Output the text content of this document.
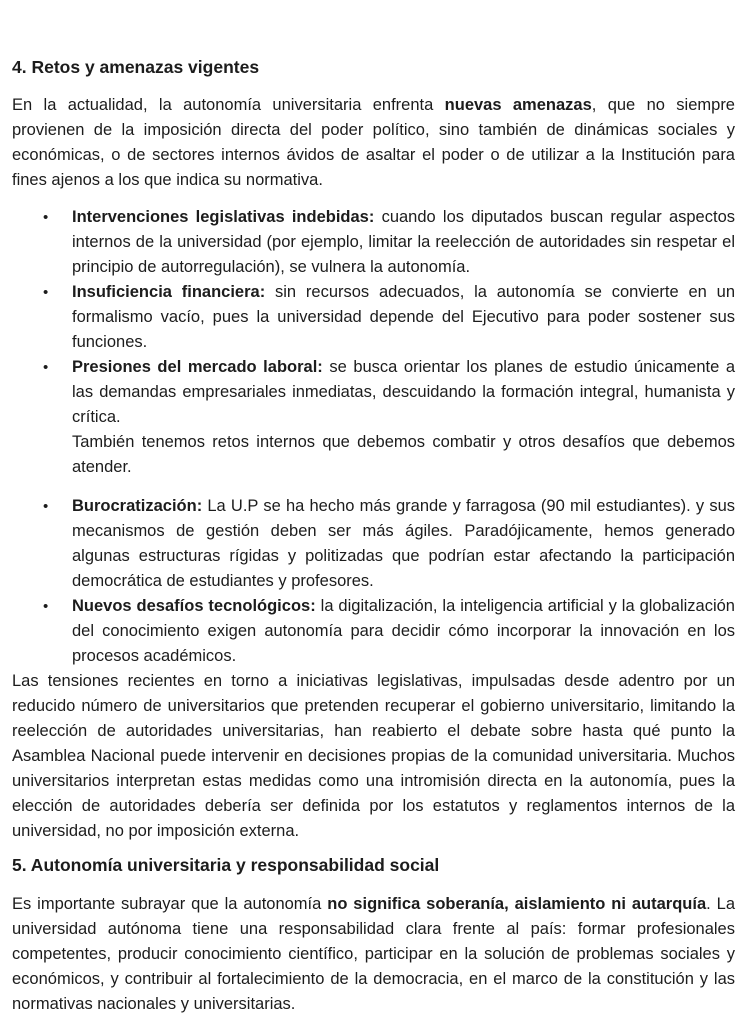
4. Retos y amenazas vigentes

En la actualidad, la autonomía universitaria enfrenta nuevas amenazas, que no siempre provienen de la imposición directa del poder político, sino también de dinámicas sociales y económicas, o de sectores internos ávidos de asaltar el poder o de utilizar a la Institución para fines ajenos a los que indica su normativa.

• Intervenciones legislativas indebidas: cuando los diputados buscan regular aspectos internos de la universidad (por ejemplo, limitar la reelección de autoridades sin respetar el principio de autorregulación), se vulnera la autonomía.
• Insuficiencia financiera: sin recursos adecuados, la autonomía se convierte en un formalismo vacío, pues la universidad depende del Ejecutivo para poder sostener sus funciones.
• Presiones del mercado laboral: se busca orientar los planes de estudio únicamente a las demandas empresariales inmediatas, descuidando la formación integral, humanista y crítica.

También tenemos retos internos que debemos combatir y otros desafíos que debemos atender.

• Burocratización: La U.P se ha hecho más grande y farragosa (90 mil estudiantes). y sus mecanismos de gestión deben ser más ágiles. Paradójicamente, hemos generado algunas estructuras rígidas y politizadas que podrían estar afectando la participación democrática de estudiantes y profesores.
• Nuevos desafíos tecnológicos: la digitalización, la inteligencia artificial y la globalización del conocimiento exigen autonomía para decidir cómo incorporar la innovación en los procesos académicos.

Las tensiones recientes en torno a iniciativas legislativas, impulsadas desde adentro por un reducido número de universitarios que pretenden recuperar el gobierno universitario, limitando la reelección de autoridades universitarias, han reabierto el debate sobre hasta qué punto la Asamblea Nacional puede intervenir en decisiones propias de la comunidad universitaria. Muchos universitarios interpretan estas medidas como una intromisión directa en la autonomía, pues la elección de autoridades debería ser definida por los estatutos y reglamentos internos de la universidad, no por imposición externa.

5. Autonomía universitaria y responsabilidad social

Es importante subrayar que la autonomía no significa soberanía, aislamiento ni autarquía. La universidad autónoma tiene una responsabilidad clara frente al país: formar profesionales competentes, producir conocimiento científico, participar en la solución de problemas sociales y económicos, y contribuir al fortalecimiento de la democracia, en el marco de la constitución y las normativas nacionales y universitarias.
